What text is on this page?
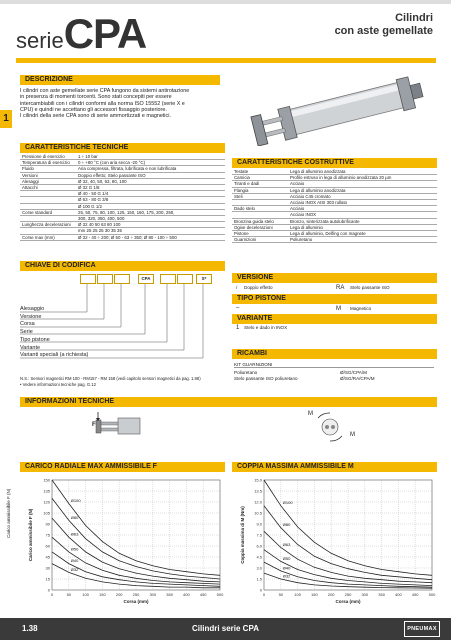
serieCPA	Cilindri
con aste gemellate
1
DESCRIZIONE
I cilindri con aste gemellate serie CPA fungono da sistemi antirotazione
in presenza di momenti torcenti. Sono stati concepiti per essere
intercambiabili con i cilindri conformi alla norma ISO 15552 (serie X e
CPU) e quindi ne accettano gli accessori fissaggio posteriore.
I cilindri della serie CPA sono di serie ammortizzati e magnetici.
CARATTERISTICHE TECNICHE
Pressione di esercizio	1 ÷ 10 bar
Temperatura di esercizio	0 ÷ +80 °C (con aria secca -20 °C)
Fluido	Aria compressa, filtrata, lubrificata e non lubrificata
Versioni	Doppio effetto; Stelo passante ISO
Alesaggi	Ø 32, 40, 50, 63, 80, 100
Attacchi	Ø 32 G 1/8
	Ø 40 - 50 G 1/4
	Ø 63 - 80 G 3/8
	Ø 100 G 1/2
Corse standard	25, 50, 75, 80, 100, 125, 150, 160, 175, 200, 250,
	300, 320, 350, 400, 500
Lunghezza decelerazioni	Ø 32 40 50 63 80 100
	mm 25 25 25 30 35 35
Corse max (mm)	Ø 32 - 40 ÷ 200; Ø 50 - 63 ÷ 350; Ø 80 - 100 ÷ 500
CARATTERISTICHE COSTRUTTIVE
Testate	Lega di alluminio anodizzata
Camicia	Profilo estruso in lega di alluminio anodizzata 20 µm
Tiranti e dadi	Acciaio
Flangia	Lega di alluminio anodizzata
Steli	Acciaio C45 cromato
	Acciaio INOX AISI 303 rullato
Dado stelo	Acciaio
	Acciaio INOX
Bronzina guida stelo	Bronzo, sinterizzata autolubrificante
Ogive decelerazioni	Lega di alluminio
Pistone	Lega di alluminio, Delfing con magnete
Guarnizioni	Poliuretano
CHIAVE DI CODIFICA
CPA	S*
Alesaggio
Versione
Corsa
Serie
Tipo pistone
Variante
Varianti speciali (a richiesta)
N.S.: Sensori magnetici RM 100 - RM157 - RM 158 (vedi capitolo sensori magnetici da pag. 1.98)
• Vedere informazioni tecniche pag. G.12
VERSIONE
/ Doppio effetto	RA Stelo passante ISO
TIPO PISTONE
–	M Magnetico
VARIANTE
1 Stelo e dado in INOX
RICAMBI
KIT GUARNIZIONI
Poliuretano	Ø/SG/CPA/M
Stelo passante ISO poliuretano	Ø/SG/RA/CPA/M
INFORMAZIONI TECNICHE
F
M
M
CARICO RADIALE MAX AMMISSIBILE F	COPPIA MASSIMA AMMISSIBILE M
0	50	100	150	200	250	300	350	400	450	500
0
15
30
45
60
75
90
105
120
135
150
Corsa (mm)
Carico ammissibile F (N)
Ø100
Ø80
Ø63
Ø50
Ø40
Ø32
0	50	100	150	200	250	300	350	400	450	500
0
1.5
3.0
4.5
6.0
7.5
9.0
10.5
12.0
13.5
15.0
Corsa (mm)
Coppia massima di M (Nm)
Ø100
Ø80
Ø63
Ø50
Ø40
Ø32
Carico ammissibile F (N)
1.38	Cilindri serie CPA	PNEUMAX
